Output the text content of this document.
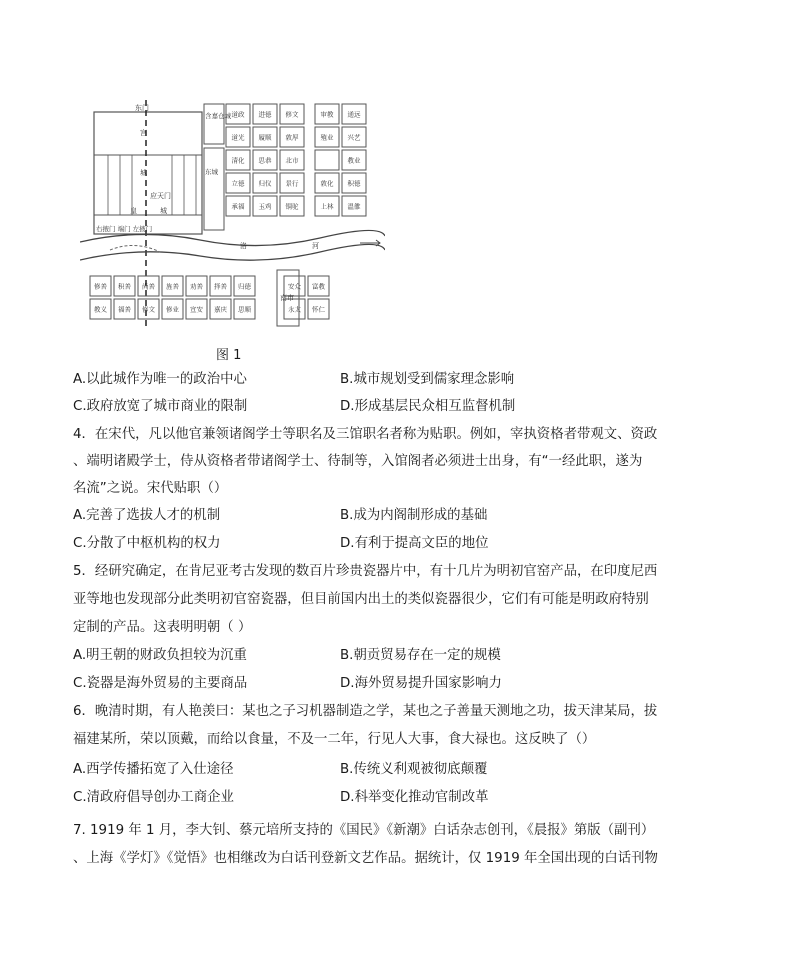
东门
宫
城
应天门
皇	城
右掖门 端门 左掖门
含嘉仓城
东城
道政 进德 修文	审教 通远
道光 履顺 敦厚	殖业 兴艺
清化 思恭 北市	教业
立德 归仪 景行	敦化 积德
承福 玉鸡 铜驼	上林 温雒
洛	河
修善 积善 尚善 旌善 劝善 择善 归德	安众 富教
教义 福善 修文 修业 宣安 嘉庆 思顺	永太 怀仁
南市
图 1
A.以此城作为唯一的政治中心	B.城市规划受到儒家理念影响
C.政府放宽了城市商业的限制	D.形成基层民众相互监督机制
4．在宋代，凡以他官兼领诸阁学士等职名及三馆职名者称为贴职。例如，宰执资格者带观文、资政
、端明诸殿学士，侍从资格者带诸阁学士、待制等，入馆阁者必须进士出身，有“一经此职，遂为
名流”之说。宋代贴职（）
A.完善了选拔人才的机制	B.成为内阁制形成的基础
C.分散了中枢机构的权力	D.有利于提高文臣的地位
5．经研究确定，在肯尼亚考古发现的数百片珍贵瓷器片中，有十几片为明初官窑产品，在印度尼西
亚等地也发现部分此类明初官窑瓷器，但目前国内出土的类似瓷器很少，它们有可能是明政府特别
定制的产品。这表明明朝（ ）
A.明王朝的财政负担较为沉重	B.朝贡贸易存在一定的规模
C.瓷器是海外贸易的主要商品	D.海外贸易提升国家影响力
6．晚清时期，有人艳羡曰：某也之子习机器制造之学，某也之子善量天测地之功，拔天津某局，拔
福建某所，荣以顶戴，而给以食量，不及一二年，行见人大事，食大禄也。这反映了（）
A.西学传播拓宽了入仕途径	B.传统义利观被彻底颠覆
C.清政府倡导创办工商企业	D.科举变化推动官制改革
7. 1919 年 1 月，李大钊、蔡元培所支持的《国民》《新潮》白话杂志创刊，《晨报》第版（副刊）
、上海《学灯》《觉悟》也相继改为白话刊登新文艺作品。据统计，仅 1919 年全国出现的白话刊物
